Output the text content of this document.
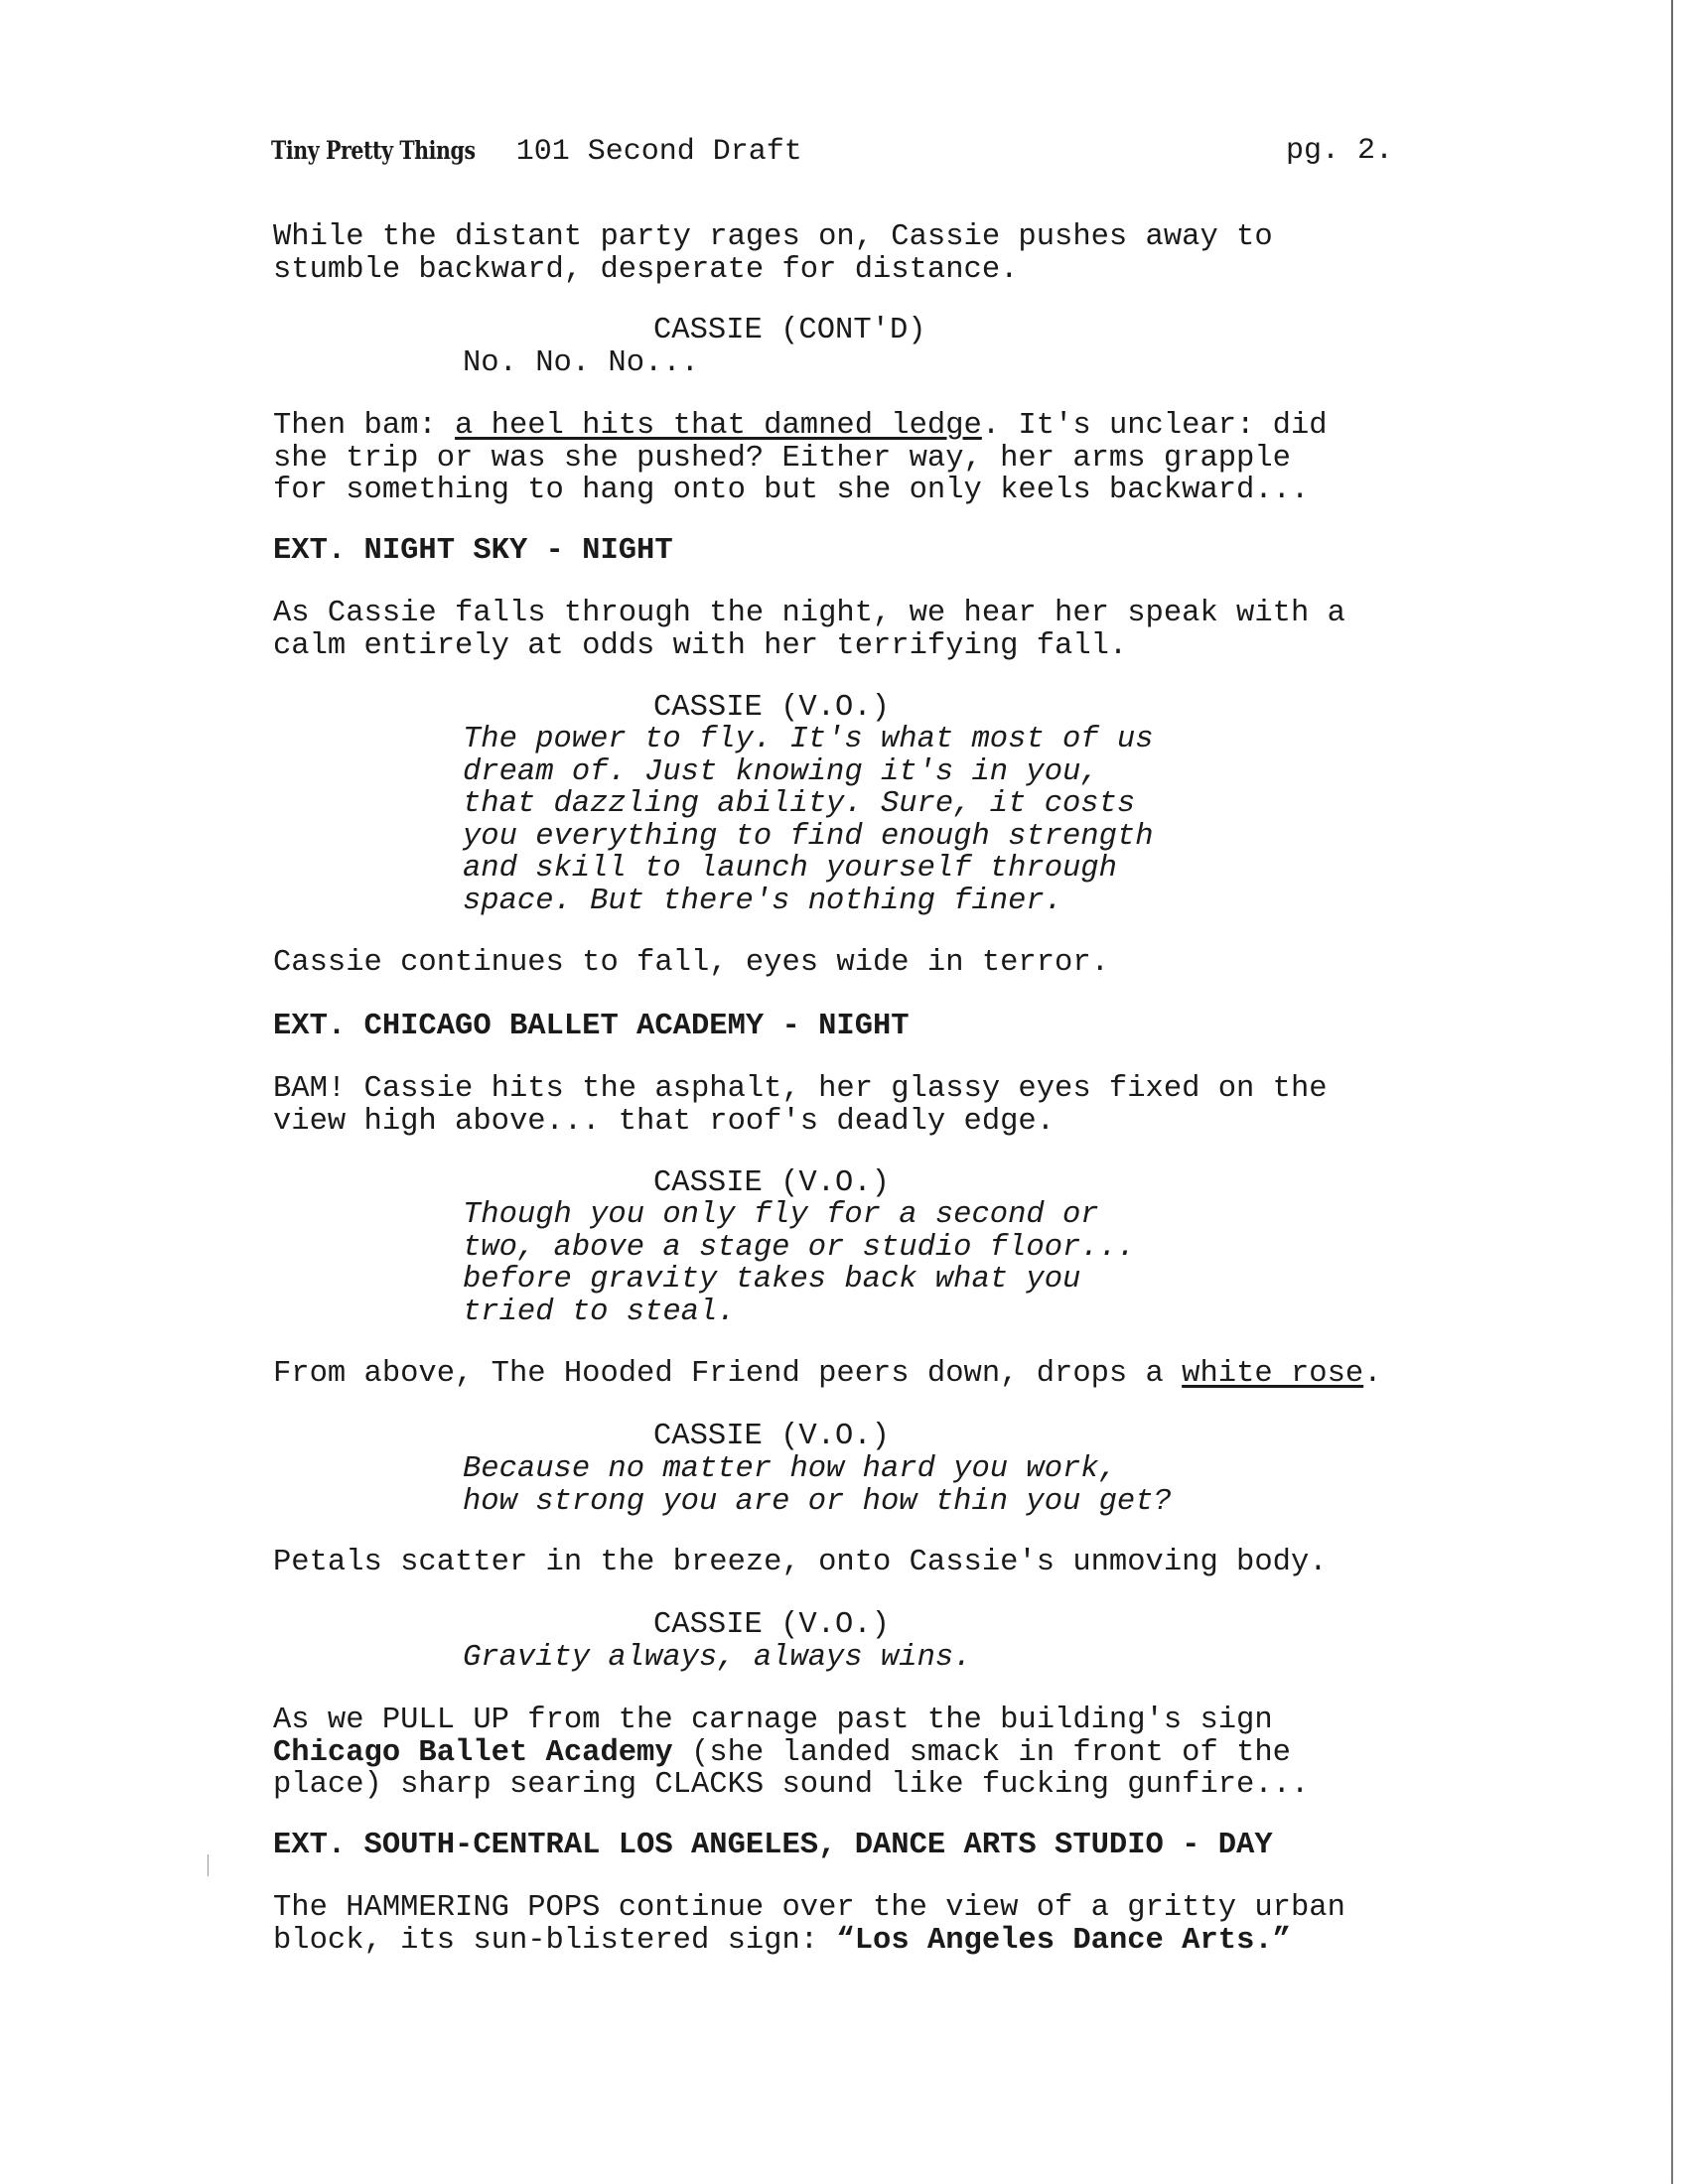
Tiny Pretty Things 101 Second Draft	pg. 2.
While the distant party rages on, Cassie pushes away to
stumble backward, desperate for distance.
CASSIE (CONT'D)
No. No. No...
Then bam: a heel hits that damned ledge. It's unclear: did
she trip or was she pushed? Either way, her arms grapple
for something to hang onto but she only keels backward...
EXT. NIGHT SKY - NIGHT
As Cassie falls through the night, we hear her speak with a
calm entirely at odds with her terrifying fall.
CASSIE (V.O.)
The power to fly. It's what most of us
dream of. Just knowing it's in you,
that dazzling ability. Sure, it costs
you everything to find enough strength
and skill to launch yourself through
space. But there's nothing finer.
Cassie continues to fall, eyes wide in terror.
EXT. CHICAGO BALLET ACADEMY - NIGHT
BAM! Cassie hits the asphalt, her glassy eyes fixed on the
view high above... that roof's deadly edge.
CASSIE (V.O.)
Though you only fly for a second or
two, above a stage or studio floor...
before gravity takes back what you
tried to steal.
From above, The Hooded Friend peers down, drops a white rose.
CASSIE (V.O.)
Because no matter how hard you work,
how strong you are or how thin you get?
Petals scatter in the breeze, onto Cassie's unmoving body.
CASSIE (V.O.)
Gravity always, always wins.
As we PULL UP from the carnage past the building's sign
Chicago Ballet Academy (she landed smack in front of the
place) sharp searing CLACKS sound like fucking gunfire...
EXT. SOUTH-CENTRAL LOS ANGELES, DANCE ARTS STUDIO - DAY
The HAMMERING POPS continue over the view of a gritty urban
block, its sun-blistered sign: “Los Angeles Dance Arts.”
